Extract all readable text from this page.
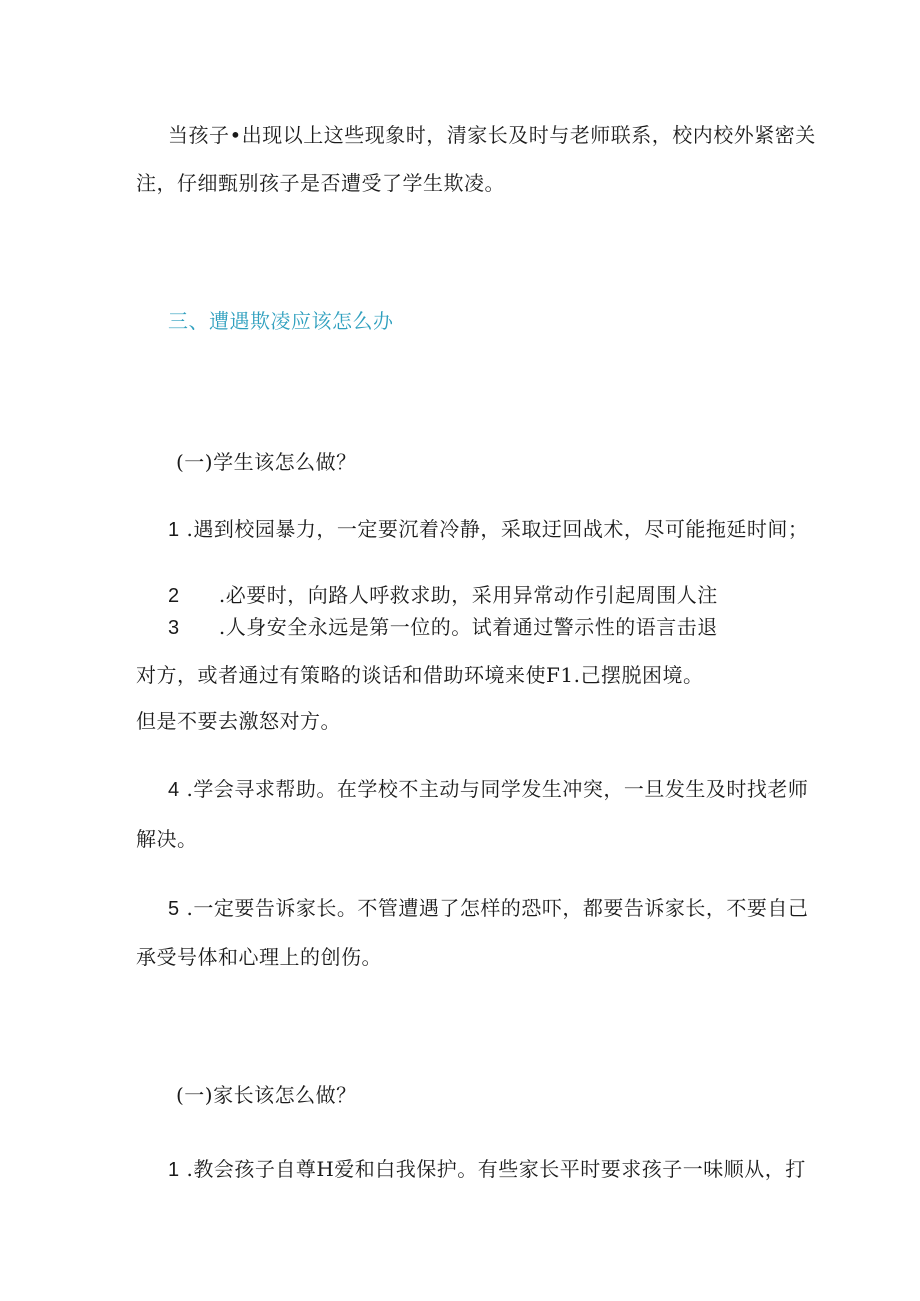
当孩子•出现以上这些现象时，清家长及时与老师联系，校内校外紧密关
注，仔细甄别孩子是否遭受了学生欺凌。
三、遭遇欺凌应该怎么办
(一)学生该怎么做？
1 .遇到校园暴力，一定要沉着冷静，采取迂回战术，尽可能拖延时间；
2 .必要时，向路人呼救求助，采用异常动作引起周围人注
3 .人身安全永远是第一位的。试着通过警示性的语言击退
对方，或者通过有策略的谈话和借助环境来使F1.己摆脱困境。
但是不要去激怒对方。
4 .学会寻求帮助。在学校不主动与同学发生冲突，一旦发生及时找老师
解决。
5 .一定要告诉家长。不管遭遇了怎样的恐吓，都要告诉家长，不要自己
承受号体和心理上的创伤。
(一)家长该怎么做？
1 .教会孩子自尊H爱和白我保护。有些家长平时要求孩子一味顺从，打
